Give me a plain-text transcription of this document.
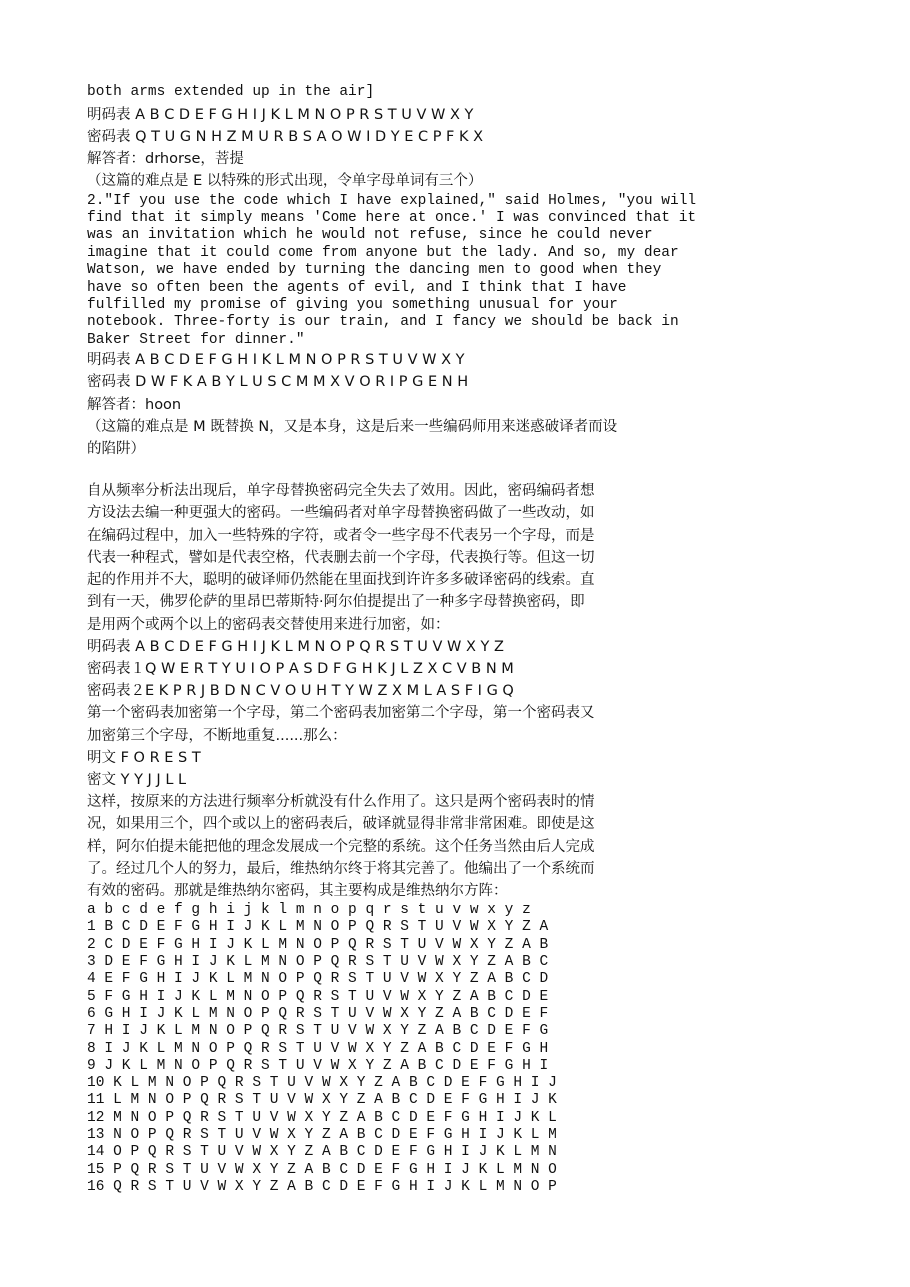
both arms extended up in the air]
明码表 A B C D E F G H I J K L M N O P R S T U V W X Y
密码表 Q T U G N H Z M U R B S A O W I D Y E C P F K X
解答者：drhorse，菩提
（这篇的难点是 E 以特殊的形式出现，令单字母单词有三个）
2."If you use the code which I have explained," said Holmes, "you will
find that it simply means 'Come here at once.' I was convinced that it
was an invitation which he would not refuse, since he could never
imagine that it could come from anyone but the lady. And so, my dear
Watson, we have ended by turning the dancing men to good when they
have so often been the agents of evil, and I think that I have
fulfilled my promise of giving you something unusual for your
notebook. Three-forty is our train, and I fancy we should be back in
Baker Street for dinner."
明码表 A B C D E F G H I K L M N O P R S T U V W X Y
密码表 D W F K A B Y L U S C M M X V O R I P G E N H
解答者：hoon
（这篇的难点是 M 既替换 N，又是本身，这是后来一些编码师用来迷惑破译者而设
的陷阱）
自从频率分析法出现后，单字母替换密码完全失去了效用。因此，密码编码者想
方设法去编一种更强大的密码。一些编码者对单字母替换密码做了一些改动，如
在编码过程中，加入一些特殊的字符，或者令一些字母不代表另一个字母，而是
代表一种程式，譬如是代表空格，代表删去前一个字母，代表换行等。但这一切
起的作用并不大，聪明的破译师仍然能在里面找到许许多多破译密码的线索。直
到有一天，佛罗伦萨的里昂巴蒂斯特·阿尔伯提提出了一种多字母替换密码，即
是用两个或两个以上的密码表交替使用来进行加密，如：
明码表 A B C D E F G H I J K L M N O P Q R S T U V W X Y Z
密码表１Q W E R T Y U I O P A S D F G H K J L Z X C V B N M
密码表２E K P R J B D N C V O U H T Y W Z X M L A S F I G Q
第一个密码表加密第一个字母，第二个密码表加密第二个字母，第一个密码表又
加密第三个字母，不断地重复......那么：
明文 F O R E S T
密文 Y Y J J L L
这样，按原来的方法进行频率分析就没有什么作用了。这只是两个密码表时的情
况，如果用三个，四个或以上的密码表后，破译就显得非常非常困难。即使是这
样，阿尔伯提未能把他的理念发展成一个完整的系统。这个任务当然由后人完成
了。经过几个人的努力，最后，维热纳尔终于将其完善了。他编出了一个系统而
有效的密码。那就是维热纳尔密码，其主要构成是维热纳尔方阵：
a b c d e f g h i j k l m n o p q r s t u v w x y z
1 B C D E F G H I J K L M N O P Q R S T U V W X Y Z A
2 C D E F G H I J K L M N O P Q R S T U V W X Y Z A B
3 D E F G H I J K L M N O P Q R S T U V W X Y Z A B C
4 E F G H I J K L M N O P Q R S T U V W X Y Z A B C D
5 F G H I J K L M N O P Q R S T U V W X Y Z A B C D E
6 G H I J K L M N O P Q R S T U V W X Y Z A B C D E F
7 H I J K L M N O P Q R S T U V W X Y Z A B C D E F G
8 I J K L M N O P Q R S T U V W X Y Z A B C D E F G H
9 J K L M N O P Q R S T U V W X Y Z A B C D E F G H I
10 K L M N O P Q R S T U V W X Y Z A B C D E F G H I J
11 L M N O P Q R S T U V W X Y Z A B C D E F G H I J K
12 M N O P Q R S T U V W X Y Z A B C D E F G H I J K L
13 N O P Q R S T U V W X Y Z A B C D E F G H I J K L M
14 O P Q R S T U V W X Y Z A B C D E F G H I J K L M N
15 P Q R S T U V W X Y Z A B C D E F G H I J K L M N O
16 Q R S T U V W X Y Z A B C D E F G H I J K L M N O P
